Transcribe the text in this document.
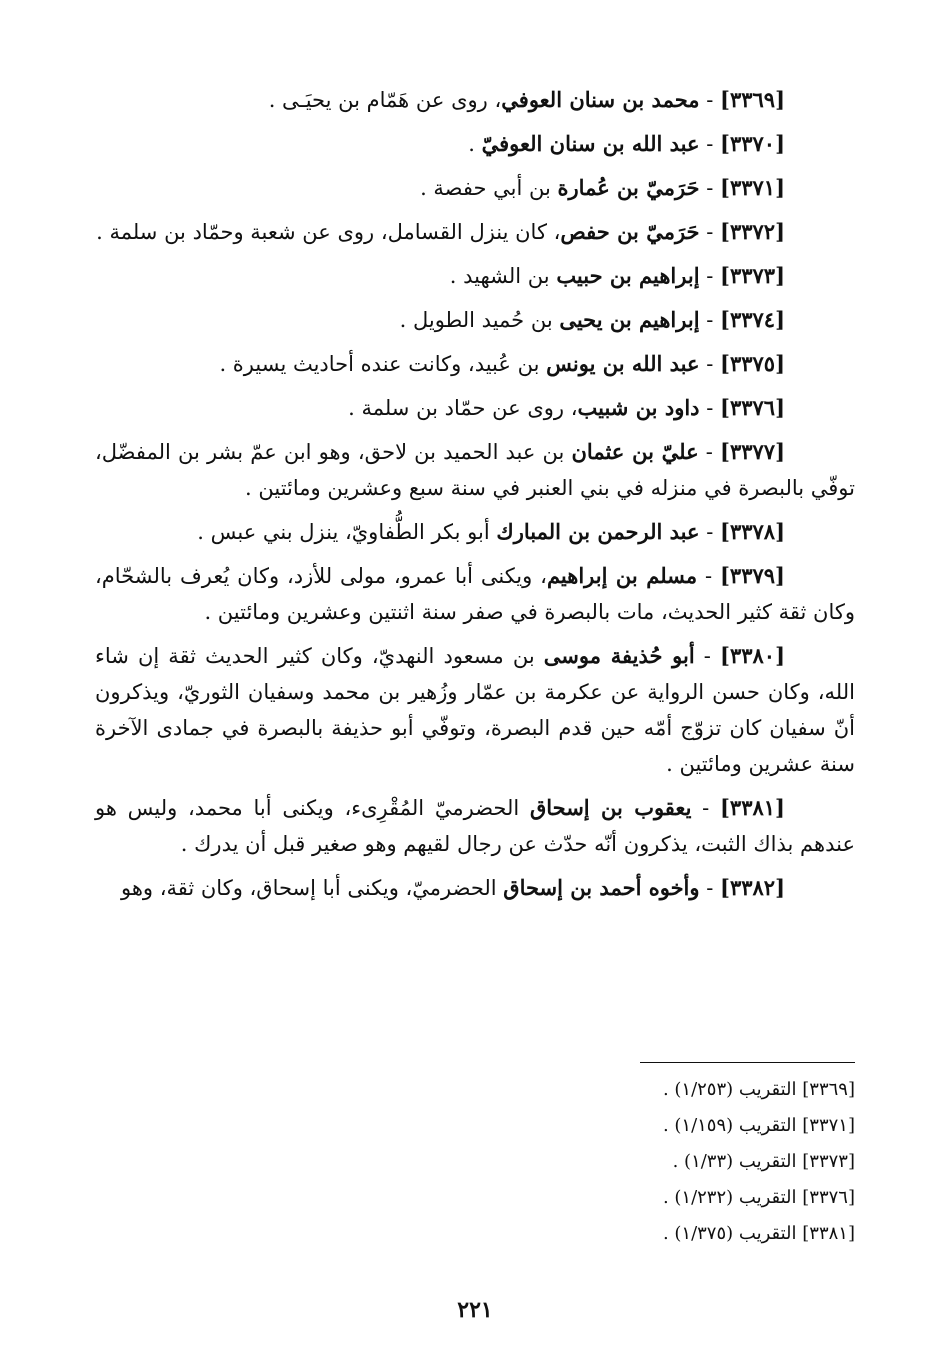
[٣٣٦٩] - محمد بن سنان العوفي، روى عن هَمّام بن يحيَـى .

[٣٣٧٠] - عبد الله بن سنان العوفيّ .

[٣٣٧١] - حَرَميّ بن عُمارة بن أبي حفصة .

[٣٣٧٢] - حَرَميّ بن حفص، كان ينزل القسامل، روى عن شعبة وحمّاد بن سلمة .

[٣٣٧٣] - إبراهيم بن حبيب بن الشهيد .

[٣٣٧٤] - إبراهيم بن يحيى بن حُميد الطويل .

[٣٣٧٥] - عبد الله بن يونس بن عُبيد، وكانت عنده أحاديث يسيرة .

[٣٣٧٦] - داود بن شبيب، روى عن حمّاد بن سلمة .

[٣٣٧٧] - عليّ بن عثمان بن عبد الحميد بن لاحق، وهو ابن عمّ بشر بن المفضّل، توفّي بالبصرة في منزله في بني العنبر في سنة سبع وعشرين ومائتين .

[٣٣٧٨] - عبد الرحمن بن المبارك أبو بكر الطُّفاويّ، ينزل بني عبس .

[٣٣٧٩] - مسلم بن إبراهيم، ويكنى أبا عمرو، مولى للأزد، وكان يُعرف بالشحّام، وكان ثقة كثير الحديث، مات بالبصرة في صفر سنة اثنتين وعشرين ومائتين .

[٣٣٨٠] - أبو حُذيفة موسى بن مسعود النهديّ، وكان كثير الحديث ثقة إن شاء الله، وكان حسن الرواية عن عكرمة بن عمّار وزُهير بن محمد وسفيان الثوريّ، ويذكرون أنّ سفيان كان تزوّج أمّه حين قدم البصرة، وتوفّي أبو حذيفة بالبصرة في جمادى الآخرة سنة عشرين ومائتين .

[٣٣٨١] - يعقوب بن إسحاق الحضرميّ المُقْرِىء، ويكنى أبا محمد، وليس هو عندهم بذاك الثبت، يذكرون أنّه حدّث عن رجال لقيهم وهو صغير قبل أن يدرك .

[٣٣٨٢] - وأخوه أحمد بن إسحاق الحضرميّ، ويكنى أبا إسحاق، وكان ثقة، وهو

[٣٣٦٩] التقريب (١/٢٥٣) .

[٣٣٧١] التقريب (١/١٥٩) .

[٣٣٧٣] التقريب (١/٣٣) .

[٣٣٧٦] التقريب (١/٢٣٢) .

[٣٣٨١] التقريب (١/٣٧٥) .

٢٢١
